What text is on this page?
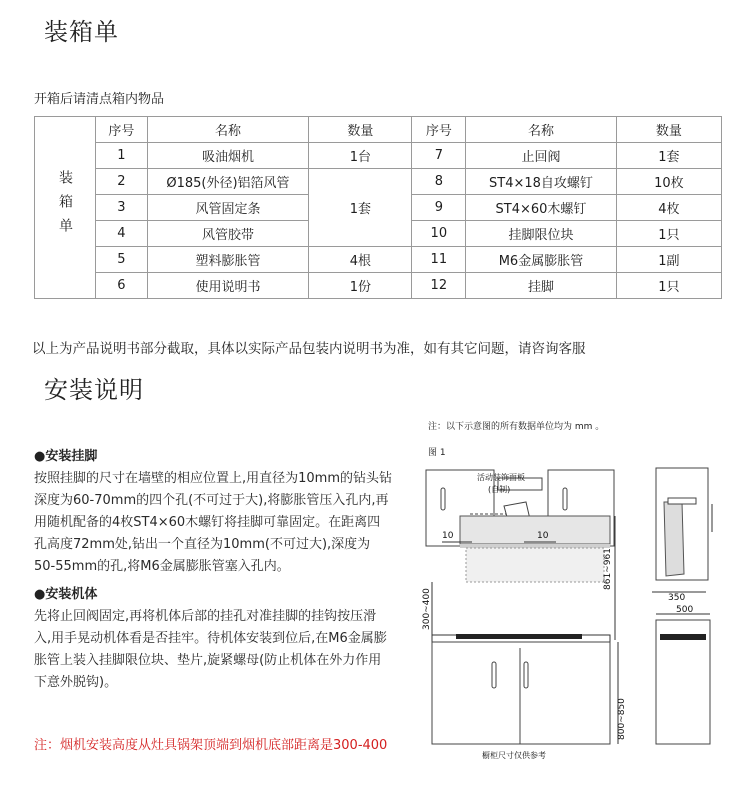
装箱单
开箱后请清点箱内物品
装箱单	序号	名称	数量	序号	名称	数量
	1	吸油烟机	1台	7	止回阀	1套
	2	Ø185(外径)铝箔风管	1套	8	ST4×18自攻螺钉	10枚
	3	风管固定条		9	ST4×60木螺钉	4枚
	4	风管胶带		10	挂脚限位块	1只
	5	塑料膨胀管	4根	11	M6金属膨胀管	1副
	6	使用说明书	1份	12	挂脚	1只
以上为产品说明书部分截取，具体以实际产品包装内说明书为准，如有其它问题，请咨询客服
安装说明
●安装挂脚
按照挂脚的尺寸在墙壁的相应位置上,用直径为10mm的钻头钻
深度为60-70mm的四个孔(不可过于大),将膨胀管压入孔内,再
用随机配备的4枚ST4×60木螺钉将挂脚可靠固定。在距离四
孔高度72mm处,钻出一个直径为10mm(不可过大),深度为
50-55mm的孔,将M6金属膨胀管塞入孔内。
●安装机体
先将止回阀固定,再将机体后部的挂孔对准挂脚的挂钩按压滑
入,用手晃动机体看是否挂牢。待机体安装到位后,在M6金属膨
胀管上装入挂脚限位块、垫片,旋紧螺母(防止机体在外力作用
下意外脱钩)。
注：烟机安装高度从灶具锅架顶端到烟机底部距离是300-400
注：以下示意图的所有数据单位均为 mm 。
图 1
活动装饰面板
(自制)
10	10
861~961
300~400
800~850
橱柜尺寸仅供参考
350
500
